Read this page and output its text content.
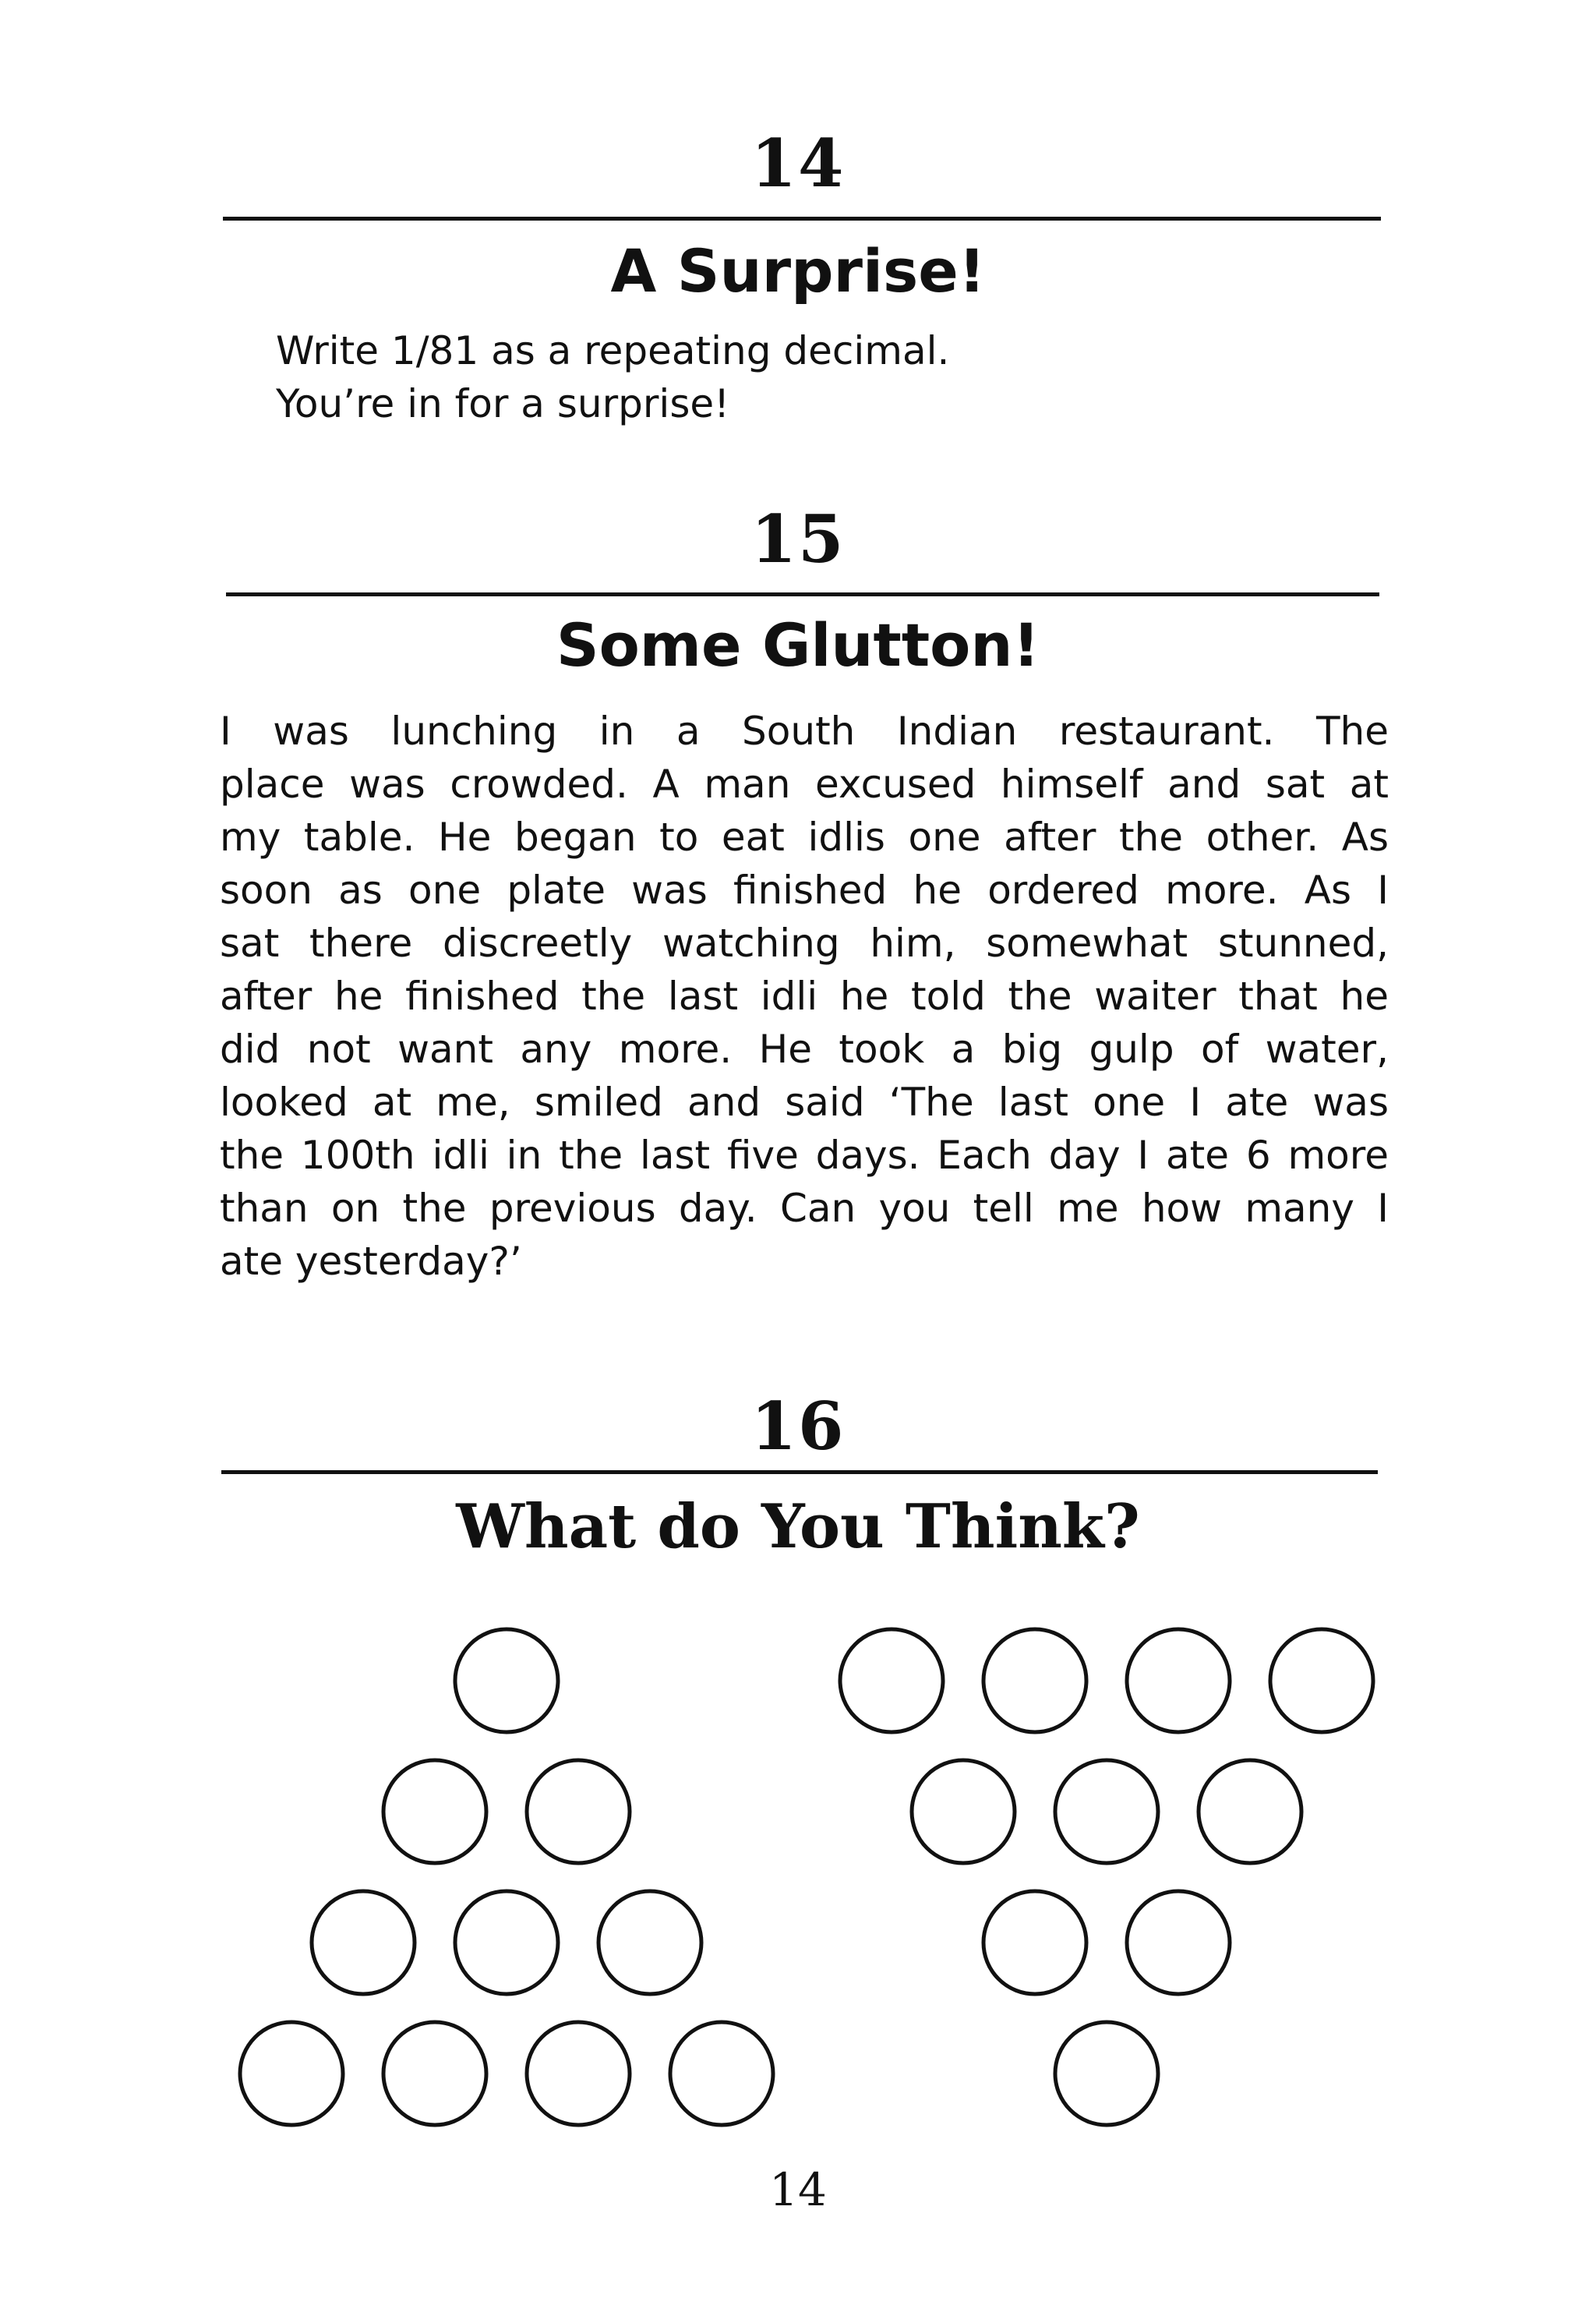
14
A Surprise!
Write 1/81 as a repeating decimal.
You’re in for a surprise!
15
Some Glutton!
I was lunching in a South Indian restaurant. The
place was crowded. A man excused himself and sat at
my table. He began to eat idlis one after the other. As
soon as one plate was finished he ordered more. As I
sat there discreetly watching him, somewhat stunned,
after he finished the last idli he told the waiter that he
did not want any more. He took a big gulp of water,
looked at me, smiled and said ‘The last one I ate was
the 100th idli in the last five days. Each day I ate 6 more
than on the previous day. Can you tell me how many I
ate yesterday?’
16
What do You Think?
14
